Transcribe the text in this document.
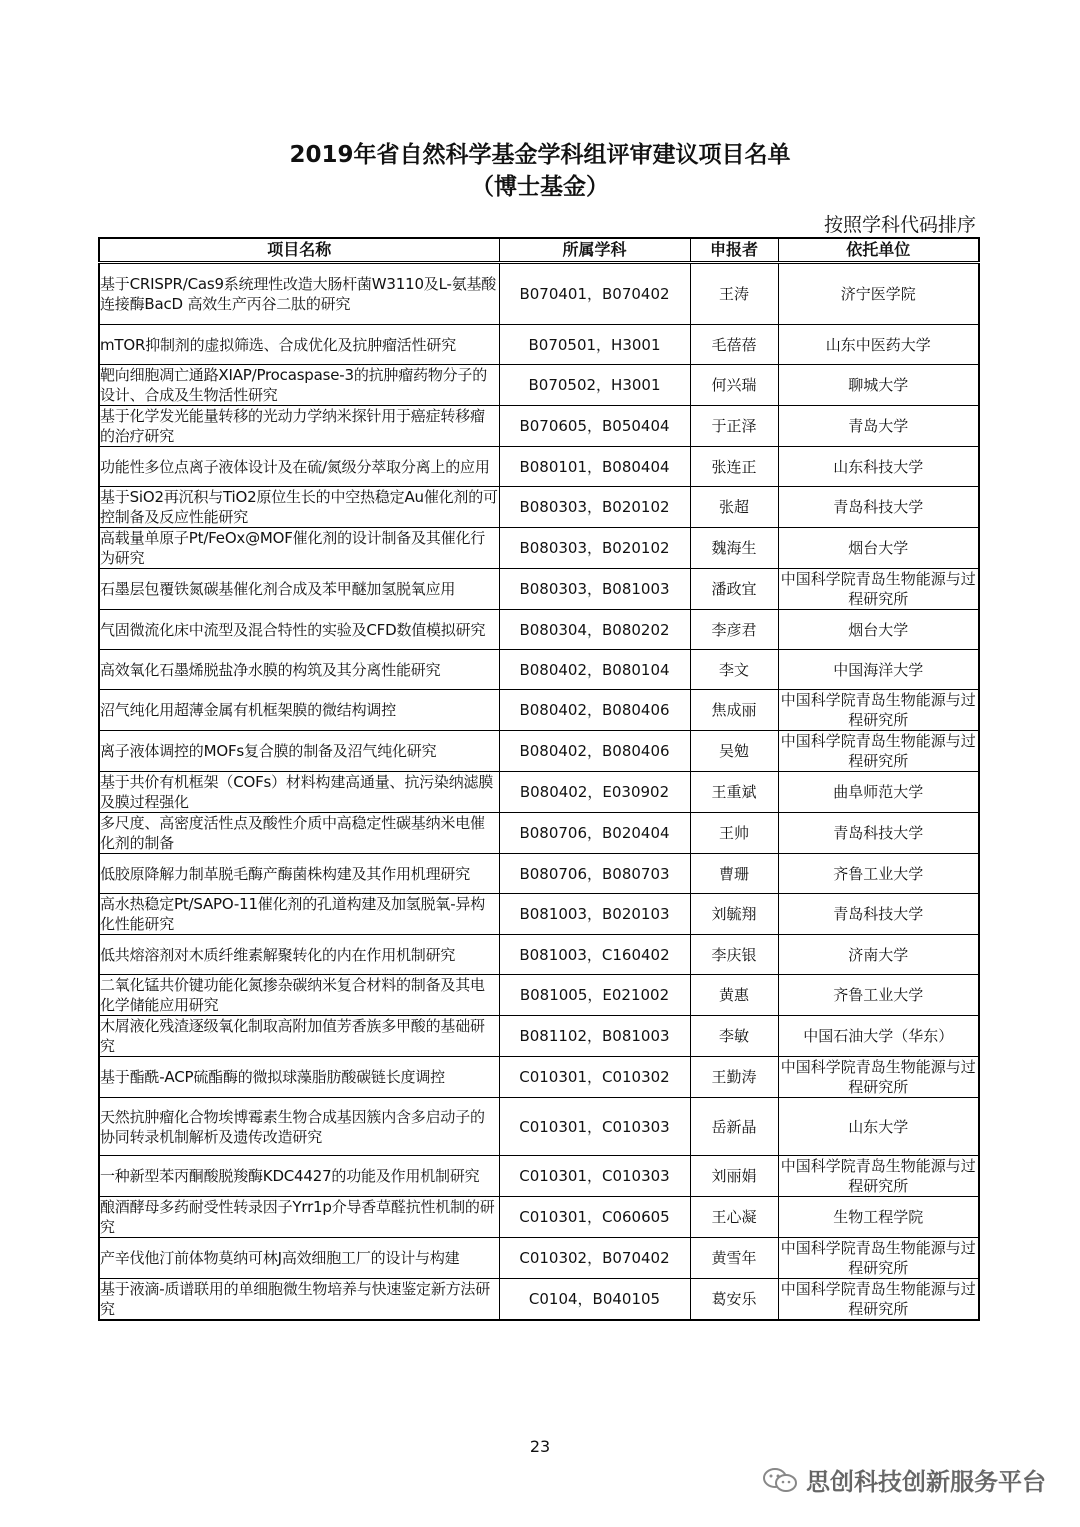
2019年省自然科学基金学科组评审建议项目名单
（博士基金）
按照学科代码排序
项目名称	所属学科	申报者	依托单位
基于CRISPR/Cas9系统理性改造大肠杆菌W3110及L-氨基酸连接酶BacD 高效生产丙谷二肽的研究	B070401，B070402	王涛	济宁医学院
mTOR抑制剂的虚拟筛选、合成优化及抗肿瘤活性研究	B070501，H3001	毛蓓蓓	山东中医药大学
靶向细胞凋亡通路XIAP/Procaspase-3的抗肿瘤药物分子的设计、合成及生物活性研究	B070502，H3001	何兴瑞	聊城大学
基于化学发光能量转移的光动力学纳米探针用于癌症转移瘤的治疗研究	B070605，B050404	于正泽	青岛大学
功能性多位点离子液体设计及在硫/氮级分萃取分离上的应用	B080101，B080404	张连正	山东科技大学
基于SiO2再沉积与TiO2原位生长的中空热稳定Au催化剂的可控制备及反应性能研究	B080303，B020102	张超	青岛科技大学
高载量单原子Pt/FeOx@MOF催化剂的设计制备及其催化行为研究	B080303，B020102	魏海生	烟台大学
石墨层包覆铁氮碳基催化剂合成及苯甲醚加氢脱氧应用	B080303，B081003	潘政宜	中国科学院青岛生物能源与过程研究所
气固微流化床中流型及混合特性的实验及CFD数值模拟研究	B080304，B080202	李彦君	烟台大学
高效氧化石墨烯脱盐净水膜的构筑及其分离性能研究	B080402，B080104	李文	中国海洋大学
沼气纯化用超薄金属有机框架膜的微结构调控	B080402，B080406	焦成丽	中国科学院青岛生物能源与过程研究所
离子液体调控的MOFs复合膜的制备及沼气纯化研究	B080402，B080406	吴勉	中国科学院青岛生物能源与过程研究所
基于共价有机框架（COFs）材料构建高通量、抗污染纳滤膜及膜过程强化	B080402，E030902	王重斌	曲阜师范大学
多尺度、高密度活性点及酸性介质中高稳定性碳基纳米电催化剂的制备	B080706，B020404	王帅	青岛科技大学
低胶原降解力制革脱毛酶产酶菌株构建及其作用机理研究	B080706，B080703	曹珊	齐鲁工业大学
高水热稳定Pt/SAPO-11催化剂的孔道构建及加氢脱氧-异构化性能研究	B081003，B020103	刘毓翔	青岛科技大学
低共熔溶剂对木质纤维素解聚转化的内在作用机制研究	B081003，C160402	李庆银	济南大学
二氧化锰共价键功能化氮掺杂碳纳米复合材料的制备及其电化学储能应用研究	B081005，E021002	黄惠	齐鲁工业大学
木屑液化残渣逐级氧化制取高附加值芳香族多甲酸的基础研究	B081102，B081003	李敏	中国石油大学（华东）
基于酯酰-ACP硫酯酶的微拟球藻脂肪酸碳链长度调控	C010301，C010302	王勤涛	中国科学院青岛生物能源与过程研究所
天然抗肿瘤化合物埃博霉素生物合成基因簇内含多启动子的协同转录机制解析及遗传改造研究	C010301，C010303	岳新晶	山东大学
一种新型苯丙酮酸脱羧酶KDC4427的功能及作用机制研究	C010301，C010303	刘丽娟	中国科学院青岛生物能源与过程研究所
酿酒酵母多药耐受性转录因子Yrr1p介导香草醛抗性机制的研究	C010301，C060605	王心凝	生物工程学院
产辛伐他汀前体物莫纳可林J高效细胞工厂的设计与构建	C010302，B070402	黄雪年	中国科学院青岛生物能源与过程研究所
基于液滴-质谱联用的单细胞微生物培养与快速鉴定新方法研究	C0104，B040105	葛安乐	中国科学院青岛生物能源与过程研究所
23
思创科技创新服务平台
